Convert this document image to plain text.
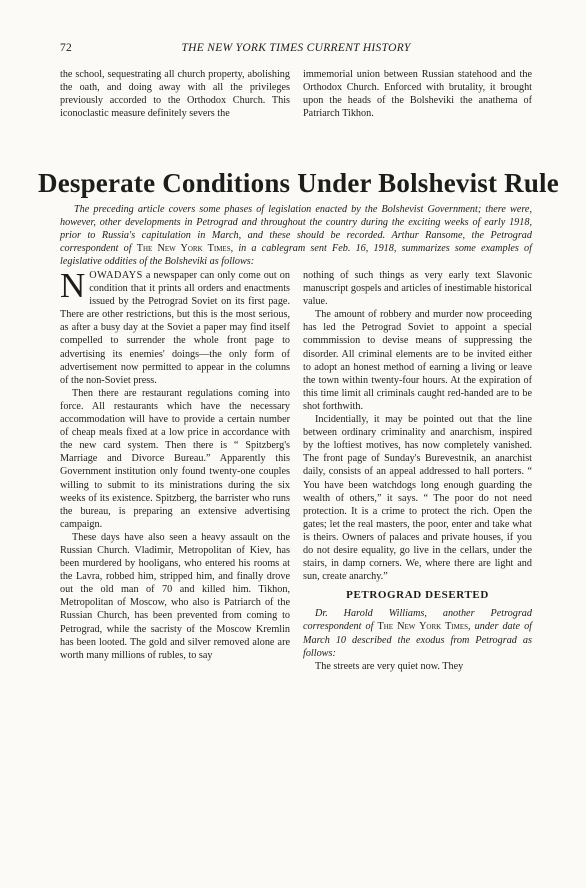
72	THE NEW YORK TIMES CURRENT HISTORY

the school, sequestrating all church property, abolishing the oath, and doing away with all the privileges previously accorded to the Orthodox Church. This iconoclastic measure definitely severs the

immemorial union between Russian statehood and the Orthodox Church. Enforced with brutality, it brought upon the heads of the Bolsheviki the anathema of Patriarch Tikhon.

Desperate Conditions Under Bolshevist Rule
The preceding article covers some phases of legislation enacted by the Bolshevist Government; there were, however, other developments in Petrograd and throughout the country during the exciting weeks of early 1918, prior to Russia's capitulation in March, and these should be recorded. Arthur Ransome, the Petrograd correspondent of The New York Times, in a cablegram sent Feb. 16, 1918, summarizes some examples of legislative oddities of the Bolsheviki as follows:

NOWADAYS a newspaper can only come out on condition that it prints all orders and enactments issued by the Petrograd Soviet on its first page. There are other restrictions, but this is the most serious, as after a busy day at the Soviet a paper may find itself compelled to surrender the whole front page to advertising its enemies' doings—the only form of advertisement now permitted to appear in the columns of the non-Soviet press.

Then there are restaurant regulations coming into force. All restaurants which have the necessary accommodation will have to provide a certain number of cheap meals fixed at a low price in accordance with the new card system. Then there is “ Spitzberg's Marriage and Divorce Bureau.” Apparently this Government institution only found twenty-one couples willing to submit to its ministrations during the six weeks of its existence. Spitzberg, the barrister who runs the bureau, is preparing an extensive advertising campaign.

These days have also seen a heavy assault on the Russian Church. Vladimir, Metropolitan of Kiev, has been murdered by hooligans, who entered his rooms at the Lavra, robbed him, stripped him, and finally drove out the old man of 70 and killed him. Tikhon, Metropolitan of Moscow, who also is Patriarch of the Russian Church, has been prevented from coming to Petrograd, while the sacristy of the Moscow Kremlin has been looted. The gold and silver removed alone are worth many millions of rubles, to say

nothing of such things as very early text Slavonic manuscript gospels and articles of inestimable historical value.

The amount of robbery and murder now proceeding has led the Petrograd Soviet to appoint a special commmission to devise means of suppressing the disorder. All criminal elements are to be invited either to adopt an honest method of earning a living or leave the town within twenty-four hours. At the expiration of this time limit all criminals caught red-handed are to be shot forthwith.

Incidentially, it may be pointed out that the line between ordinary criminality and anarchism, inspired by the loftiest motives, has now completely vanished. The front page of Sunday's Burevestnik, an anarchist daily, consists of an appeal addressed to hall porters. “ You have been watchdogs long enough guarding the wealth of others,” it says. “ The poor do not need protection. It is a crime to protect the rich. Open the gates; let the real masters, the poor, enter and take what is theirs. Owners of palaces and private houses, if you do not desire equality, go live in the cellars, under the stairs, in damp corners. We, where there are light and sun, create anarchy.”

PETROGRAD DESERTED

Dr. Harold Williams, another Petrograd correspondent of The New York Times, under date of March 10 described the exodus from Petrograd as follows:

The streets are very quiet now. They
